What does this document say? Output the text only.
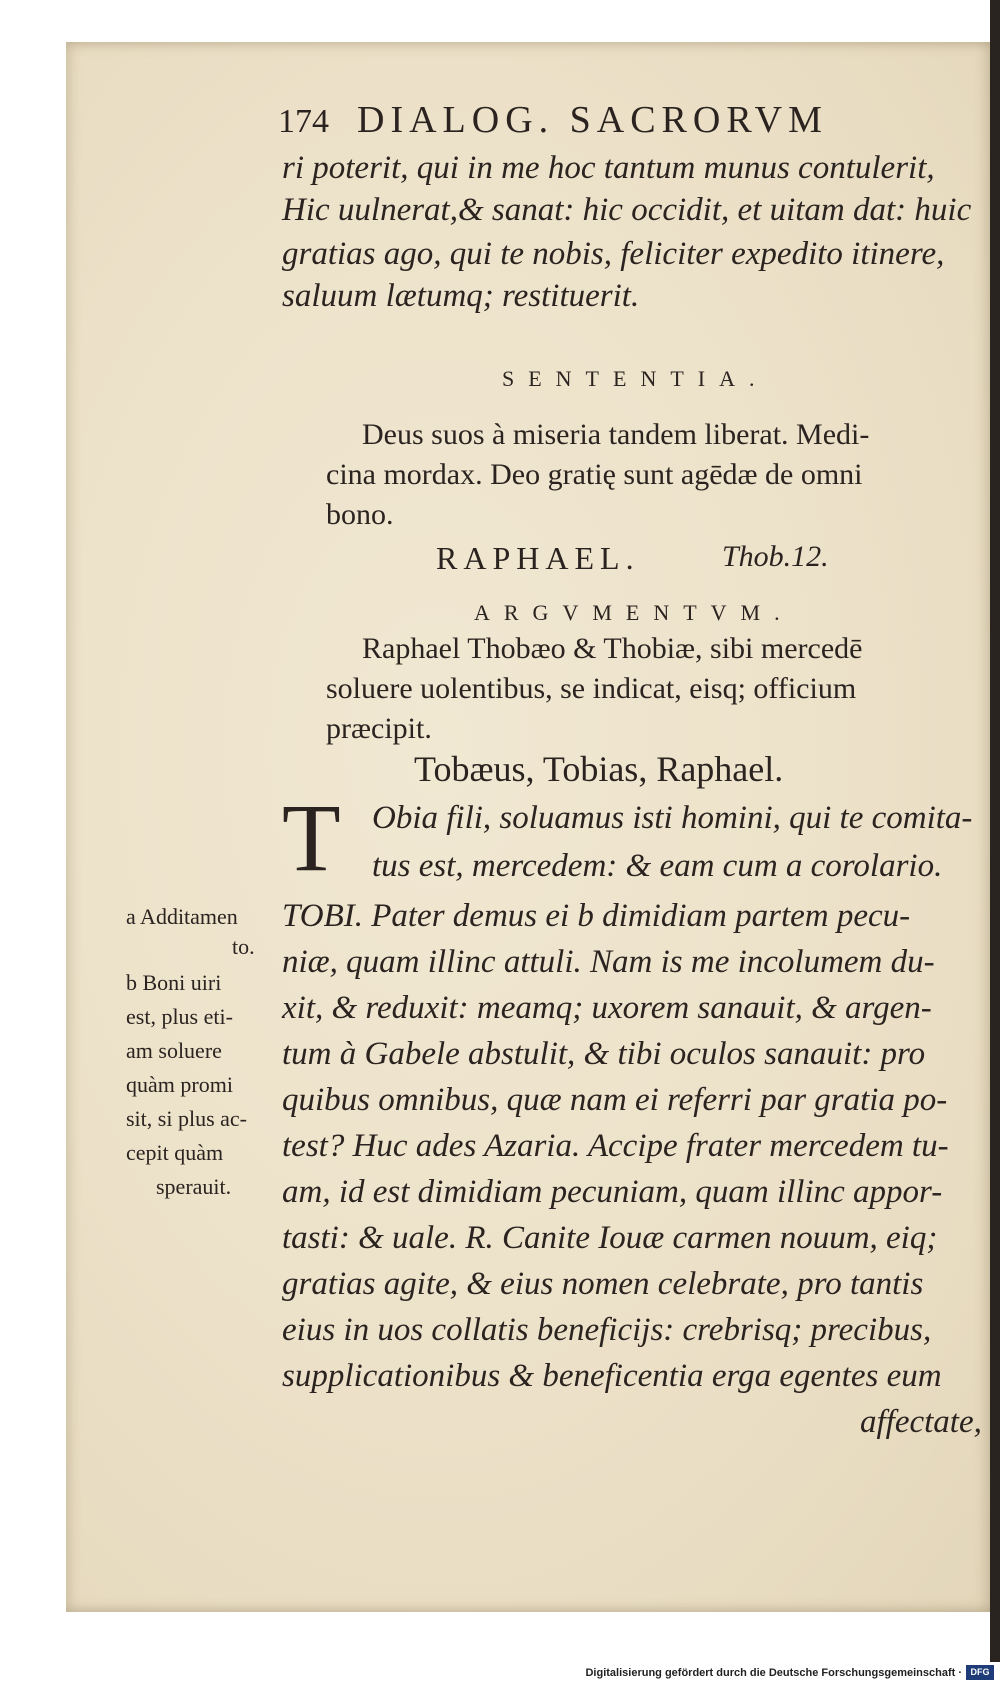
174 DIALOG. SACRORVM
ri poterit, qui in me hoc tantum munus contulerit,
Hic uulnerat,& sanat: hic occidit, et uitam dat: huic
gratias ago, qui te nobis, feliciter expedito itinere,
saluum lætumq; restituerit.
SENTENTIA.
Deus suos à miseria tandem liberat. Medi-
cina mordax. Deo gratię sunt agēdæ de omni
bono.
RAPHAEL.	Thob.12.
ARGVMENTVM.
Raphael Thobæo & Thobiæ, sibi mercedē
soluere uolentibus, se indicat, eisq; officium
præcipit.
Tobæus, Tobias, Raphael.
T Obia fili, soluamus isti homini, qui te comita-
tus est, mercedem: & eam cum a corolario.
TOBI. Pater demus ei b dimidiam partem pecu-
niæ, quam illinc attuli. Nam is me incolumem du-
xit, & reduxit: meamq; uxorem sanauit, & argen-
tum à Gabele abstulit, & tibi oculos sanauit: pro
quibus omnibus, quæ nam ei referri par gratia po-
test? Huc ades Azaria. Accipe frater mercedem tu-
am, id est dimidiam pecuniam, quam illinc appor-
tasti: & uale. R. Canite Iouæ carmen nouum, eiq;
gratias agite, & eius nomen celebrate, pro tantis
eius in uos collatis beneficijs: crebrisq; precibus,
supplicationibus & beneficentia erga egentes eum
affectate,
a Additamen
to.
b Boni uiri
est, plus eti-
am soluere
quàm promi
sit, si plus ac-
cepit quàm
sperauit.
Digitalisierung gefördert durch die Deutsche Forschungsgemeinschaft · DFG
